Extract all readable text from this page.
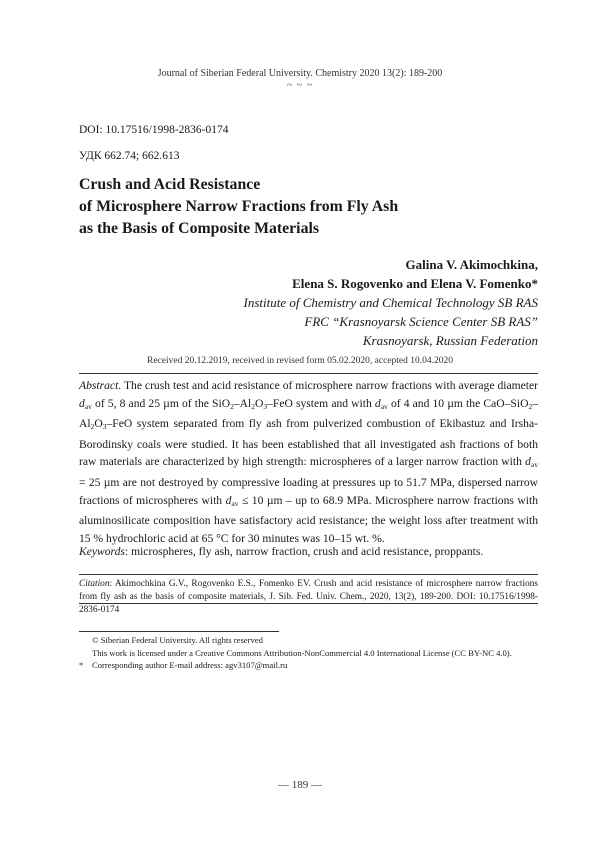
Journal of Siberian Federal University. Chemistry 2020 13(2): 189-200
~ ~ ~
DOI: 10.17516/1998-2836-0174
УДК 662.74; 662.613
Crush and Acid Resistance
of Microsphere Narrow Fractions from Fly Ash
as the Basis of Composite Materials
Galina V. Akimochkina,
Elena S. Rogovenko and Elena V. Fomenko*
Institute of Chemistry and Chemical Technology SB RAS
FRC “Krasnoyarsk Science Center SB RAS”
Krasnoyarsk, Russian Federation
Received 20.12.2019, received in revised form 05.02.2020, accepted 10.04.2020
Abstract. The crush test and acid resistance of microsphere narrow fractions with average diameter $d_{av}$ of 5, 8 and 25 µm of the $SiO_2-Al_2O_3$–FeO system and with $d_{av}$ of 4 and 10 µm the CaO–$SiO_2-Al_2O_3$–FeO system separated from fly ash from pulverized combustion of Ekibastuz and Irsha-Borodinsky coals were studied. It has been established that all investigated ash fractions of both raw materials are characterized by high strength: microspheres of a larger narrow fraction with $d_{av} = 25$ µm are not destroyed by compressive loading at pressures up to 51.7 MPa, dispersed narrow fractions of microspheres with $d_{av} \le 10$ µm – up to 68.9 MPa. Microsphere narrow fractions with aluminosilicate composition have satisfactory acid resistance; the weight loss after treatment with 15 % hydrochloric acid at 65 °C for 30 minutes was 10–15 wt. %.
Keywords: microspheres, fly ash, narrow fraction, crush and acid resistance, proppants.
Citation: Akimochkina G.V., Rogovenko E.S., Fomenko EV. Crush and acid resistance of microsphere narrow fractions from fly ash as the basis of composite materials, J. Sib. Fed. Univ. Chem., 2020, 13(2), 189-200. DOI: 10.17516/1998-2836-0174
© Siberian Federal University. All rights reserved
This work is licensed under a Creative Commons Attribution-NonCommercial 4.0 International License (CC BY-NC 4.0).
*	Corresponding author E-mail address: agv3107@mail.ru
— 189 —
